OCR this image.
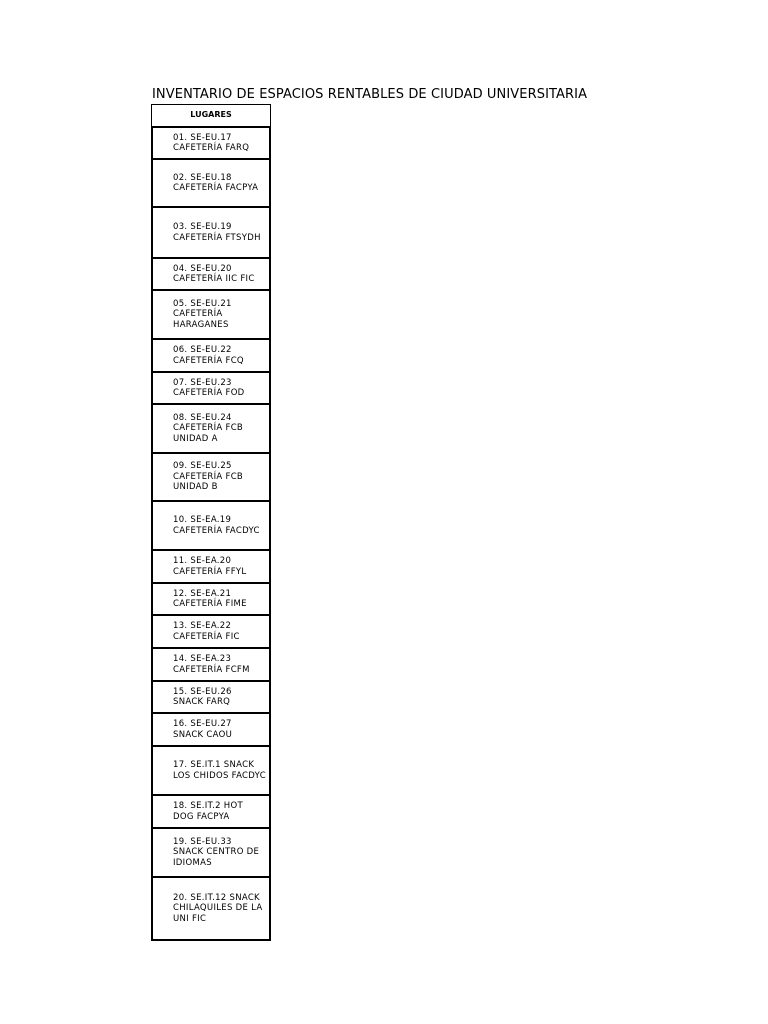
INVENTARIO DE ESPACIOS RENTABLES DE CIUDAD UNIVERSITARIA
LUGARES
01. SE-EU.17
CAFETERÍA FARQ
02. SE-EU.18
CAFETERÍA FACPYA
03. SE-EU.19
CAFETERÍA FTSYDH
04. SE-EU.20
CAFETERÍA IIC FIC
05. SE-EU.21
CAFETERÍA
HARAGANES
06. SE-EU.22
CAFETERÍA FCQ
07. SE-EU.23
CAFETERÍA FOD
08. SE-EU.24
CAFETERÍA FCB
UNIDAD A
09. SE-EU.25
CAFETERÍA FCB
UNIDAD B
10. SE-EA.19
CAFETERÍA FACDYC
11. SE-EA.20
CAFETERÍA FFYL
12. SE-EA.21
CAFETERÍA FIME
13. SE-EA.22
CAFETERÍA FIC
14. SE-EA.23
CAFETERÍA FCFM
15. SE-EU.26
SNACK FARQ
16. SE-EU.27
SNACK CAOU
17. SE.IT.1 SNACK
LOS CHIDOS FACDYC
18. SE.IT.2 HOT
DOG FACPYA
19. SE-EU.33
SNACK CENTRO DE
IDIOMAS
20. SE.IT.12 SNACK
CHILAQUILES DE LA
UNI FIC
